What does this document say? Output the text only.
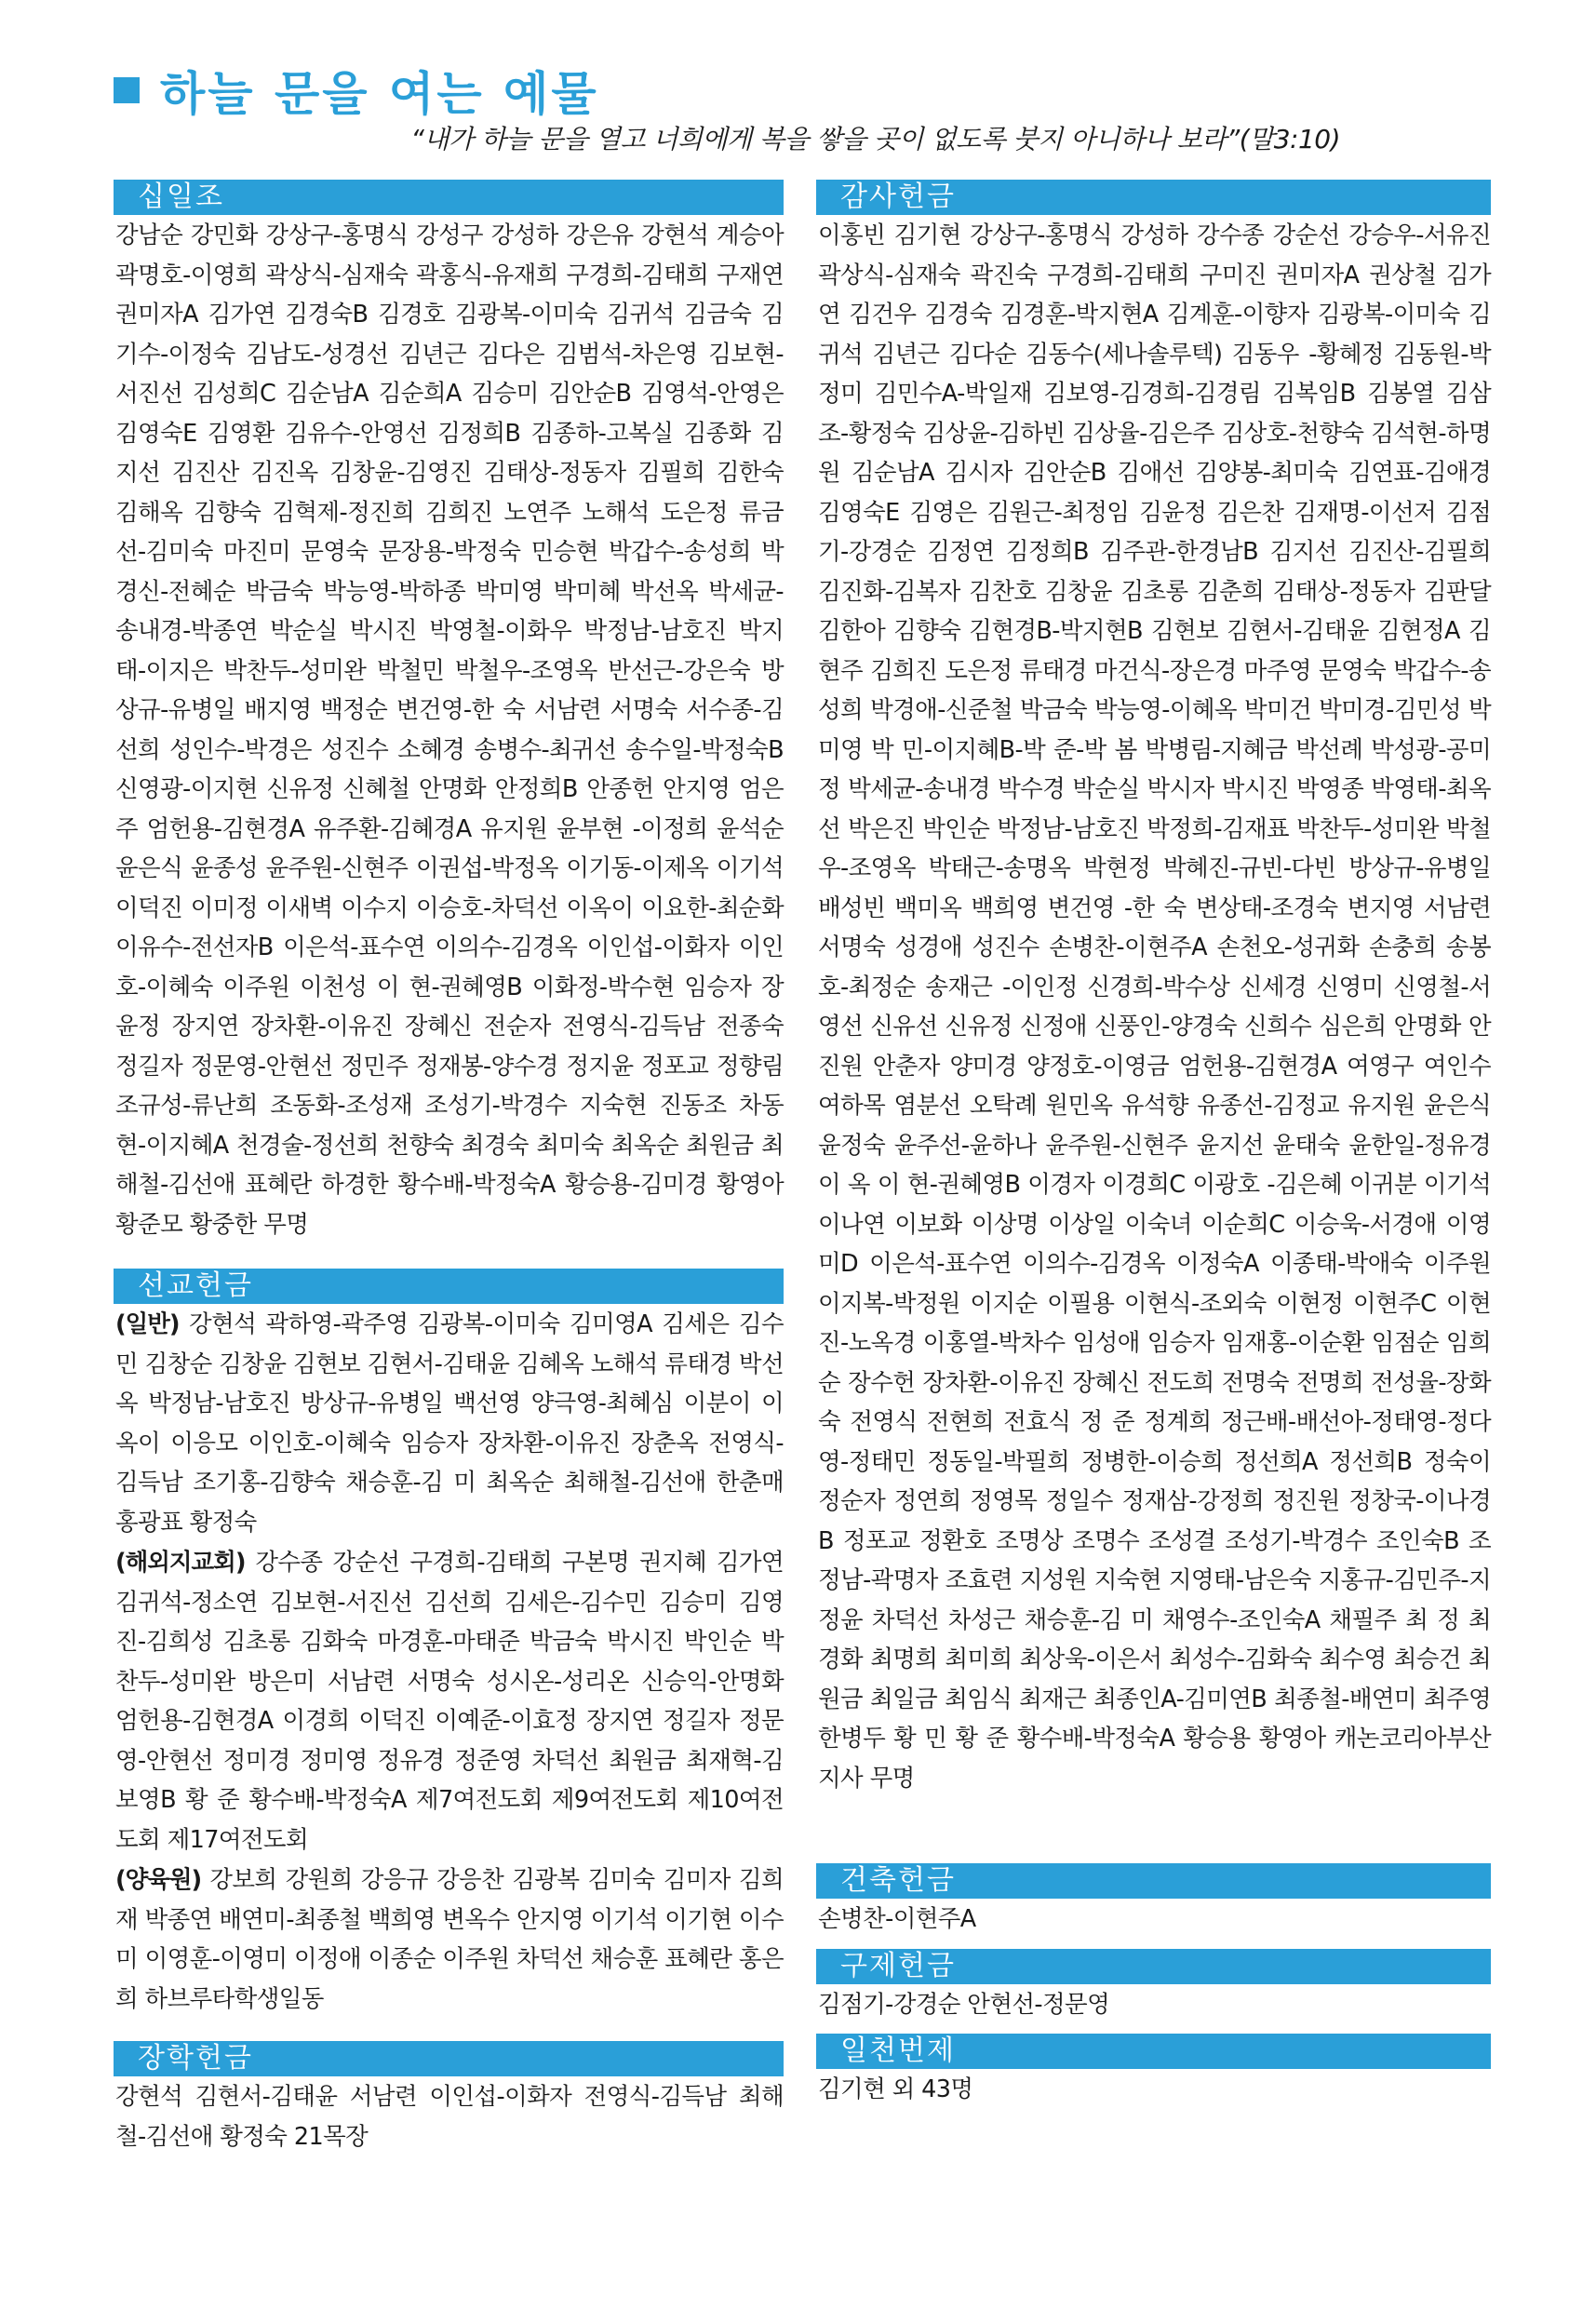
하늘 문을 여는 예물
“내가 하늘 문을 열고 너희에게 복을 쌓을 곳이 없도록 붓지 아니하나 보라”(말3:10)
십일조
강남순 강민화 강상구-홍명식 강성구 강성하 강은유 강현석 계승아 곽명호-이영희 곽상식-심재숙 곽홍식-유재희 구경희-김태희 구재연 권미자A 김가연 김경숙B 김경호 김광복-이미숙 김귀석 김금숙 김기수-이정숙 김남도-성경선 김년근 김다은 김범석-차은영 김보현-서진선 김성희C 김순남A 김순희A 김승미 김안순B 김영석-안영은 김영숙E 김영환 김유수-안영선 김정희B 김종하-고복실 김종화 김지선 김진산 김진옥 김창윤-김영진 김태상-정동자 김필희 김한숙 김해옥 김향숙 김혁제-정진희 김희진 노연주 노해석 도은정 류금선-김미숙 마진미 문영숙 문장용-박정숙 민승현 박갑수-송성희 박경신-전혜순 박금숙 박능영-박하종 박미영 박미혜 박선옥 박세균-송내경-박종연 박순실 박시진 박영철-이화우 박정남-남호진 박지태-이지은 박찬두-성미완 박철민 박철우-조영옥 반선근-강은숙 방상규-유병일 배지영 백정순 변건영-한 숙 서남련 서명숙 서수종-김선희 성인수-박경은 성진수 소혜경 송병수-최귀선 송수일-박정숙B 신영광-이지현 신유정 신혜철 안명화 안정희B 안종헌 안지영 엄은주 엄헌용-김현경A 유주환-김혜경A 유지원 윤부현 -이정희 윤석순 윤은식 윤종성 윤주원-신현주 이권섭-박정옥 이기동-이제옥 이기석 이덕진 이미정 이새벽 이수지 이승호-차덕선 이옥이 이요한-최순화 이유수-전선자B 이은석-표수연 이의수-김경옥 이인섭-이화자 이인호-이혜숙 이주원 이천성 이 현-권혜영B 이화정-박수현 임승자 장윤정 장지연 장차환-이유진 장혜신 전순자 전영식-김득남 전종숙 정길자 정문영-안현선 정민주 정재봉-양수경 정지윤 정포교 정향림 조규성-류난희 조동화-조성재 조성기-박경수 지숙현 진동조 차동현-이지혜A 천경술-정선희 천향숙 최경숙 최미숙 최옥순 최원금 최해철-김선애 표혜란 하경한 황수배-박정숙A 황승용-김미경 황영아 황준모 황중한 무명
선교헌금
(일반) 강현석 곽하영-곽주영 김광복-이미숙 김미영A 김세은 김수민 김창순 김창윤 김현보 김현서-김태윤 김혜옥 노해석 류태경 박선옥 박정남-남호진 방상규-유병일 백선영 양극영-최혜심 이분이 이옥이 이응모 이인호-이혜숙 임승자 장차환-이유진 장춘옥 전영식-김득남 조기홍-김향숙 채승훈-김 미 최옥순 최해철-김선애 한춘매 홍광표 황정숙
(해외지교회) 강수종 강순선 구경희-김태희 구본명 권지혜 김가연 김귀석-정소연 김보현-서진선 김선희 김세은-김수민 김승미 김영진-김희성 김초롱 김화숙 마경훈-마태준 박금숙 박시진 박인순 박찬두-성미완 방은미 서남련 서명숙 성시온-성리온 신승익-안명화 엄헌용-김현경A 이경희 이덕진 이예준-이효정 장지연 정길자 정문영-안현선 정미경 정미영 정유경 정준영 차덕선 최원금 최재혁-김보영B 황 준 황수배-박정숙A 제7여전도회 제9여전도회 제10여전도회 제17여전도회
(양육원) 강보희 강원희 강응규 강응찬 김광복 김미숙 김미자 김희재 박종연 배연미-최종철 백희영 변옥수 안지영 이기석 이기현 이수미 이영훈-이영미 이정애 이종순 이주원 차덕선 채승훈 표혜란 홍은희 하브루타학생일동
장학헌금
강현석 김현서-김태윤 서남련 이인섭-이화자 전영식-김득남 최해철-김선애 황정숙 21목장
감사헌금
이홍빈 김기현 강상구-홍명식 강성하 강수종 강순선 강승우-서유진 곽상식-심재숙 곽진숙 구경희-김태희 구미진 권미자A 권상철 김가연 김건우 김경숙 김경훈-박지현A 김계훈-이향자 김광복-이미숙 김귀석 김년근 김다순 김동수(세나솔루텍) 김동우 -황혜정 김동원-박정미 김민수A-박일재 김보영-김경희-김경림 김복임B 김봉열 김삼조-황정숙 김상윤-김하빈 김상율-김은주 김상호-천향숙 김석현-하명원 김순남A 김시자 김안순B 김애선 김양봉-최미숙 김연표-김애경 김영숙E 김영은 김원근-최정임 김윤정 김은찬 김재명-이선저 김점기-강경순 김정연 김정희B 김주관-한경남B 김지선 김진산-김필희 김진화-김복자 김찬호 김창윤 김초롱 김춘희 김태상-정동자 김판달 김한아 김향숙 김현경B-박지현B 김현보 김현서-김태윤 김현정A 김현주 김희진 도은정 류태경 마건식-장은경 마주영 문영숙 박갑수-송성희 박경애-신준철 박금숙 박능영-이혜옥 박미건 박미경-김민성 박미영 박 민-이지혜B-박 준-박 봄 박병림-지혜금 박선례 박성광-공미정 박세균-송내경 박수경 박순실 박시자 박시진 박영종 박영태-최옥선 박은진 박인순 박정남-남호진 박정희-김재표 박찬두-성미완 박철우-조영옥 박태근-송명옥 박현정 박혜진-규빈-다빈 방상규-유병일 배성빈 백미옥 백희영 변건영 -한 숙 변상태-조경숙 변지영 서남련 서명숙 성경애 성진수 손병찬-이현주A 손천오-성귀화 손충희 송봉호-최정순 송재근 -이인정 신경희-박수상 신세경 신영미 신영철-서영선 신유선 신유정 신정애 신풍인-양경숙 신희수 심은희 안명화 안진원 안춘자 양미경 양정호-이영금 엄헌용-김현경A 여영구 여인수 여하목 염분선 오탁례 원민옥 유석향 유종선-김정교 유지원 윤은식 윤정숙 윤주선-윤하나 윤주원-신현주 윤지선 윤태숙 윤한일-정유경 이 옥 이 현-권혜영B 이경자 이경희C 이광호 -김은혜 이귀분 이기석 이나연 이보화 이상명 이상일 이숙녀 이순희C 이승욱-서경애 이영미D 이은석-표수연 이의수-김경옥 이정숙A 이종태-박애숙 이주원 이지복-박정원 이지순 이필용 이현식-조외숙 이현정 이현주C 이현진-노옥경 이홍열-박차수 임성애 임승자 임재홍-이순환 임점순 임희순 장수헌 장차환-이유진 장혜신 전도희 전명숙 전명희 전성율-장화숙 전영식 전현희 전효식 정 준 정계희 정근배-배선아-정태영-정다영-정태민 정동일-박필희 정병한-이승희 정선희A 정선희B 정숙이 정순자 정연희 정영목 정일수 정재삼-강정희 정진원 정창국-이나경B 정포교 정환호 조명상 조명수 조성결 조성기-박경수 조인숙B 조정남-곽명자 조효련 지성원 지숙현 지영태-남은숙 지홍규-김민주-지정윤 차덕선 차성근 채승훈-김 미 채영수-조인숙A 채필주 최 정 최경화 최명희 최미희 최상욱-이은서 최성수-김화숙 최수영 최승건 최원금 최일금 최임식 최재근 최종인A-김미연B 최종철-배연미 최주영 한병두 황 민 황 준 황수배-박정숙A 황승용 황영아 캐논코리아부산지사 무명
건축헌금
손병찬-이현주A
구제헌금
김점기-강경순 안현선-정문영
일천번제
김기현 외 43명
